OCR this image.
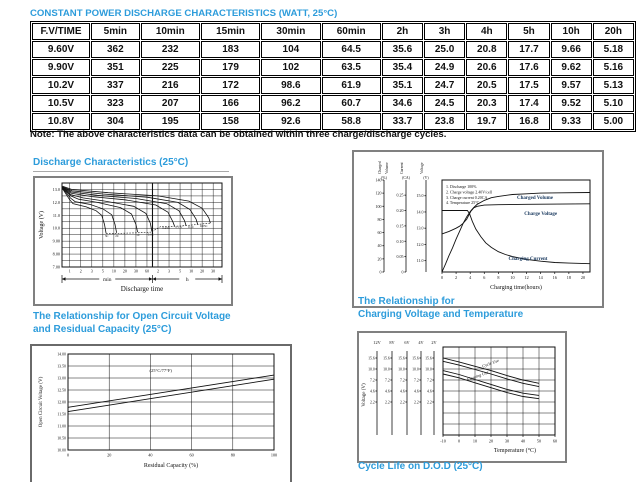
CONSTANT POWER DISCHARGE CHARACTERISTICS (WATT, 25°C)
F.V/TIME	5min	10min	15min	30min	60min	2h	3h	4h	5h	10h	20h
9.60V	362	232	183	104	64.5	35.6	25.0	20.8	17.7	9.66	5.18
9.90V	351	225	179	102	63.5	35.4	24.9	20.6	17.6	9.62	5.16
10.2V	337	216	172	98.6	61.9	35.1	24.7	20.5	17.5	9.57	5.13
10.5V	323	207	166	96.2	60.7	34.6	24.5	20.3	17.4	9.52	5.10
10.8V	304	195	158	92.6	58.8	33.7	23.8	19.7	16.8	9.33	5.00
Note: The above characteristics data can be obtained within three charge/discharge cycles.
Discharge Characteristics (25°C)
13.0
12.0
11.0
10.0
9.00
8.00
7.00
1 2 3 5 10 20 30 60 2 3 5 10 20 30
3C 2C	1C 0.6C
0.25C 0.17C 0.1C 0.05C
min	h
Discharge time
Voltage (V)
Charged Volume
(%)
140
120
100
80
60
40
20
0
Current
(CA)
0.25
0.20
0.15
0.10
0.05
0
Voltage
(V)
15.0
14.0
13.0
12.0
11.0
1. Discharge 100%
2. Charge voltage 2.40V/cell
3. Charge current 0.20CA
4. Temperature 25°C
Charged Volume
Charge Voltage
Charging Current
0	2	4	6	8	10 12 14 16 18 20
Charging time(hours)
The Relationship for Open Circuit Voltage
and Residual Capacity (25°C)
14.00
13.50
13.00
12.50
12.00
11.50
11.00
10.50
10.00
0	20	40	60	80	100
(25°C/77°F)
Residual Capacity (%)
Open Circuit Voltage (V)
The Relationship for
Charging Voltage and Temperature
12V
15.6
10.0
7.2
4.6
2.2
8V
15.6
10.0
7.2
4.6
2.2
6V
15.6
10.0
7.2
4.6
2.2
4V
15.6
10.0
7.2
4.6
2.2
2V
15.6
10.0
7.2
4.6
2.2
Cycle Use
Floating Use
-10	0	10	20	30	40	50	60
Temperature (°C)
Voltage (V)
Cycle Life on D.O.D (25°C)
